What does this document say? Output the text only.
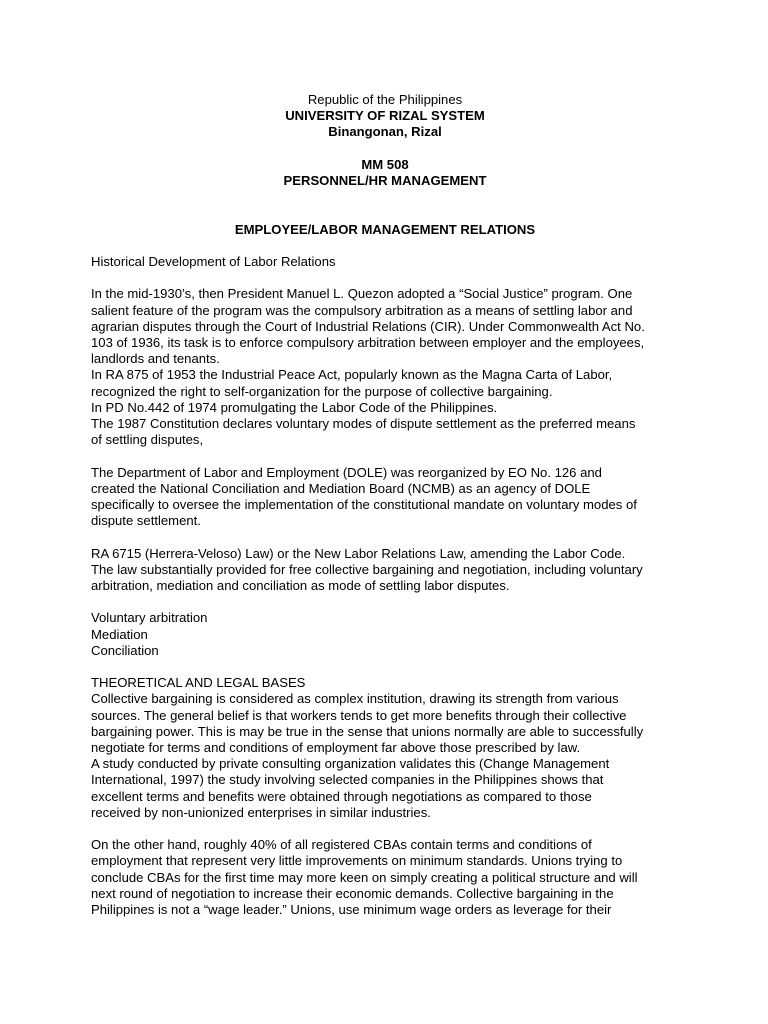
Republic of the Philippines
UNIVERSITY OF RIZAL SYSTEM
Binangonan, Rizal
MM 508
PERSONNEL/HR MANAGEMENT
EMPLOYEE/LABOR MANAGEMENT RELATIONS
Historical Development of Labor Relations
In the mid-1930’s, then President Manuel L. Quezon adopted a “Social Justice” program. One
salient feature of the program was the compulsory arbitration as a means of settling labor and
agrarian disputes through the Court of Industrial Relations (CIR). Under Commonwealth Act No.
103 of 1936, its task is to enforce compulsory arbitration between employer and the employees,
landlords and tenants.
In RA 875 of 1953 the Industrial Peace Act, popularly known as the Magna Carta of Labor,
recognized the right to self-organization for the purpose of collective bargaining.
In PD No.442 of 1974 promulgating the Labor Code of the Philippines.
The 1987 Constitution declares voluntary modes of dispute settlement as the preferred means
of settling disputes,
The Department of Labor and Employment (DOLE) was reorganized by EO No. 126 and
created the National Conciliation and Mediation Board (NCMB) as an agency of DOLE
specifically to oversee the implementation of the constitutional mandate on voluntary modes of
dispute settlement.
RA 6715 (Herrera-Veloso) Law) or the New Labor Relations Law, amending the Labor Code.
The law substantially provided for free collective bargaining and negotiation, including voluntary
arbitration, mediation and conciliation as mode of settling labor disputes.
Voluntary arbitration
Mediation
Conciliation
THEORETICAL AND LEGAL BASES
Collective bargaining is considered as complex institution, drawing its strength from various
sources. The general belief is that workers tends to get more benefits through their collective
bargaining power. This is may be true in the sense that unions normally are able to successfully
negotiate for terms and conditions of employment far above those prescribed by law.
A study conducted by private consulting organization validates this (Change Management
International, 1997) the study involving selected companies in the Philippines shows that
excellent terms and benefits were obtained through negotiations as compared to those
received by non-unionized enterprises in similar industries.
On the other hand, roughly 40% of all registered CBAs contain terms and conditions of
employment that represent very little improvements on minimum standards. Unions trying to
conclude CBAs for the first time may more keen on simply creating a political structure and will
next round of negotiation to increase their economic demands. Collective bargaining in the
Philippines is not a “wage leader.” Unions, use minimum wage orders as leverage for their
